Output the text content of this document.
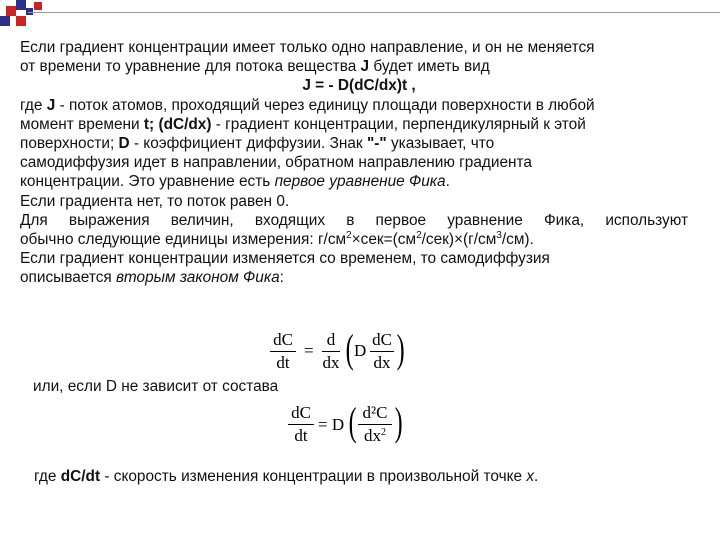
Если градиент концентрации имеет только одно направление, и он не меняется
от времени то уравнение для потока вещества J будет иметь вид
J = - D(dC/dx)t ,
где J - поток атомов, проходящий через единицу площади поверхности в любой
момент времени t; (dC/dx) - градиент концентрации, перпендикулярный к этой
поверхности; D - коэффициент диффузии. Знак "-" указывает, что
самодиффузия идет в направлении, обратном направлению градиента
концентрации. Это уравнение есть первое уравнение Фика.
Если градиента нет, то поток равен 0.
Для выражения величин, входящих в первое уравнение Фика, используют
обычно следующие единицы измерения: $г/см^2\times сек=(см^2/сек)\times(г/см^3/см)$.
Если градиент концентрации изменяется со временем, то самодиффузия
описывается вторым законом Фика:
dC
dt
=
d
dx ( D
dC
dx )
или, если D не зависит от состава
dC
dt
= D ( d²C
$dx^2$ )
где dC/dt - скорость изменения концентрации в произвольной точке x.
